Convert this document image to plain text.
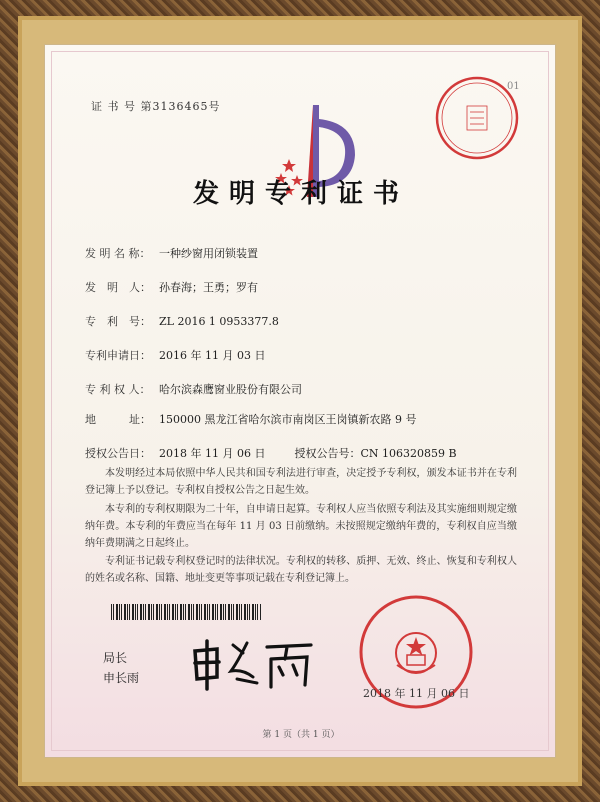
证 书 号 第3136465号
01
发明专利证书
发 明 名 称： 一种纱窗用闭锁装置
发　明　人： 孙春海；王勇；罗有
专　利　号： ZL 2016 1 0953377.8
专利申请日： 2016 年 11 月 03 日
专 利 权 人： 哈尔滨森鹰窗业股份有限公司
地　　　址： 150000 黑龙江省哈尔滨市南岗区王岗镇新农路 9 号
授权公告日： 2018 年 11 月 06 日	授权公告号：CN 106320859 B
本发明经过本局依照中华人民共和国专利法进行审查，决定授予专利权，颁发本证书并在专利登记簿上予以登记。专利权自授权公告之日起生效。
本专利的专利权期限为二十年，自申请日起算。专利权人应当依照专利法及其实施细则规定缴纳年费。本专利的年费应当在每年 11 月 03 日前缴纳。未按照规定缴纳年费的，专利权自应当缴纳年费期满之日起终止。
专利证书记载专利权登记时的法律状况。专利权的转移、质押、无效、终止、恢复和专利权人的姓名或名称、国籍、地址变更等事项记载在专利登记簿上。
局长
申长雨
2018 年 11 月 06 日
第 1 页（共 1 页）
